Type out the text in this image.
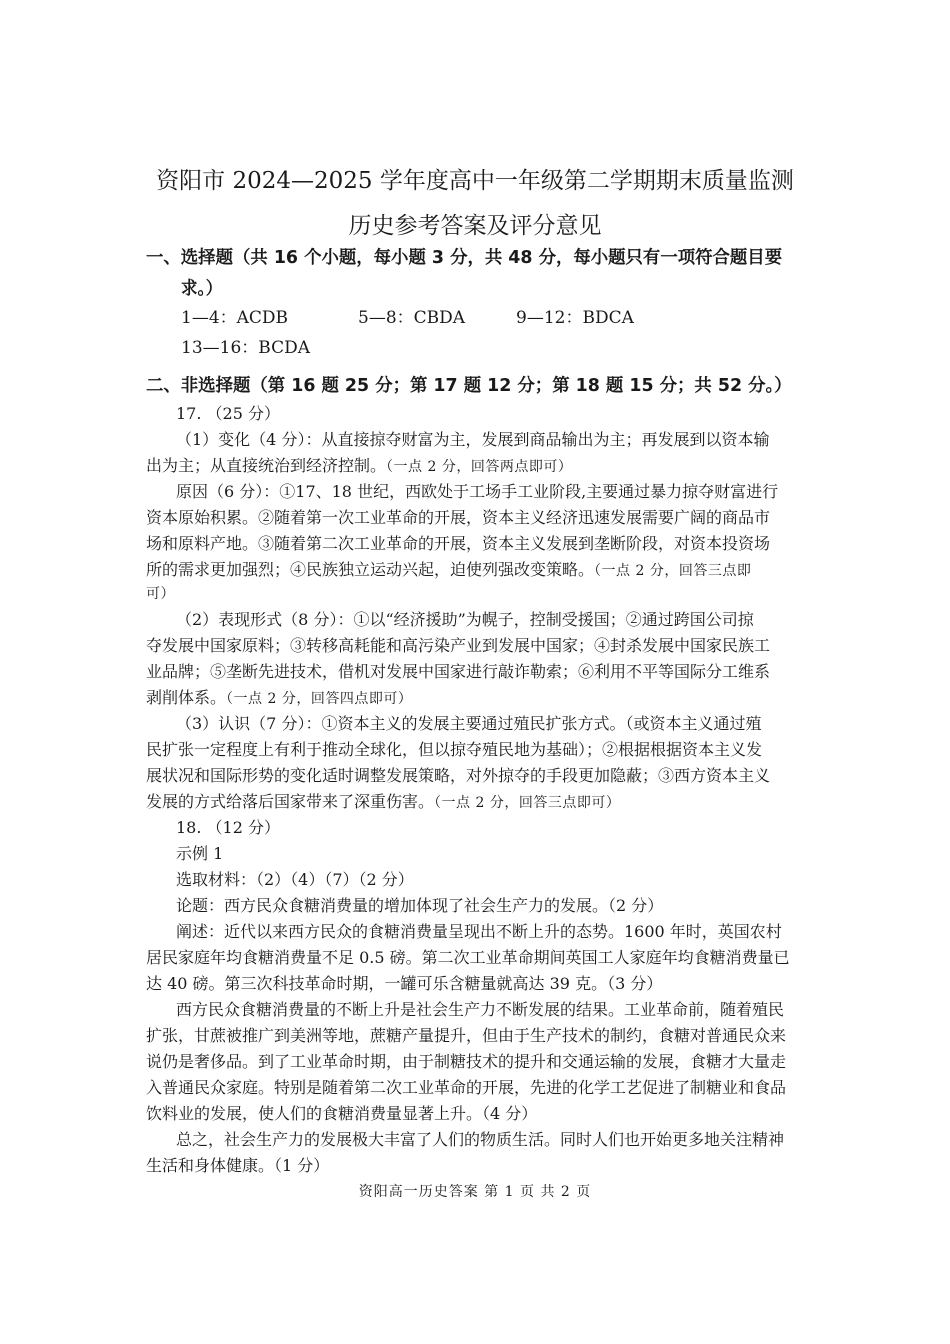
资阳市 2024—2025 学年度高中一年级第二学期期末质量监测
历史参考答案及评分意见
一、选择题（共 16 个小题，每小题 3 分，共 48 分，每小题只有一项符合题目要
求。）
1—4：ACDB	5—8：CBDA	9—12：BDCA
13—16：BCDA
二、非选择题（第 16 题 25 分；第 17 题 12 分；第 18 题 15 分；共 52 分。）
17. （25 分）
（1）变化（4 分）：从直接掠夺财富为主，发展到商品输出为主；再发展到以资本输
出为主；从直接统治到经济控制。（一点 2 分，回答两点即可）
原因（6 分）：①17、18 世纪，西欧处于工场手工业阶段,主要通过暴力掠夺财富进行
资本原始积累。②随着第一次工业革命的开展，资本主义经济迅速发展需要广阔的商品市
场和原料产地。③随着第二次工业革命的开展，资本主义发展到垄断阶段，对资本投资场
所的需求更加强烈；④民族独立运动兴起，迫使列强改变策略。（一点 2 分，回答三点即
可）
（2）表现形式（8 分）：①以“经济援助”为幌子，控制受援国；②通过跨国公司掠
夺发展中国家原料；③转移高耗能和高污染产业到发展中国家；④封杀发展中国家民族工
业品牌；⑤垄断先进技术，借机对发展中国家进行敲诈勒索；⑥利用不平等国际分工维系
剥削体系。（一点 2 分，回答四点即可）
（3）认识（7 分）：①资本主义的发展主要通过殖民扩张方式。（或资本主义通过殖
民扩张一定程度上有利于推动全球化，但以掠夺殖民地为基础）；②根据根据资本主义发
展状况和国际形势的变化适时调整发展策略，对外掠夺的手段更加隐蔽；③西方资本主义
发展的方式给落后国家带来了深重伤害。（一点 2 分，回答三点即可）
18. （12 分）
示例 1
选取材料：（2）（4）（7）（2 分）
论题：西方民众食糖消费量的增加体现了社会生产力的发展。（2 分）
阐述：近代以来西方民众的食糖消费量呈现出不断上升的态势。1600 年时，英国农村
居民家庭年均食糖消费量不足 0.5 磅。第二次工业革命期间英国工人家庭年均食糖消费量已
达 40 磅。第三次科技革命时期，一罐可乐含糖量就高达 39 克。（3 分）
西方民众食糖消费量的不断上升是社会生产力不断发展的结果。工业革命前，随着殖民
扩张，甘蔗被推广到美洲等地，蔗糖产量提升，但由于生产技术的制约，食糖对普通民众来
说仍是奢侈品。到了工业革命时期，由于制糖技术的提升和交通运输的发展，食糖才大量走
入普通民众家庭。特别是随着第二次工业革命的开展，先进的化学工艺促进了制糖业和食品
饮料业的发展，使人们的食糖消费量显著上升。（4 分）
总之，社会生产力的发展极大丰富了人们的物质生活。同时人们也开始更多地关注精神
生活和身体健康。（1 分）
资阳高一历史答案 第 1 页 共 2 页
